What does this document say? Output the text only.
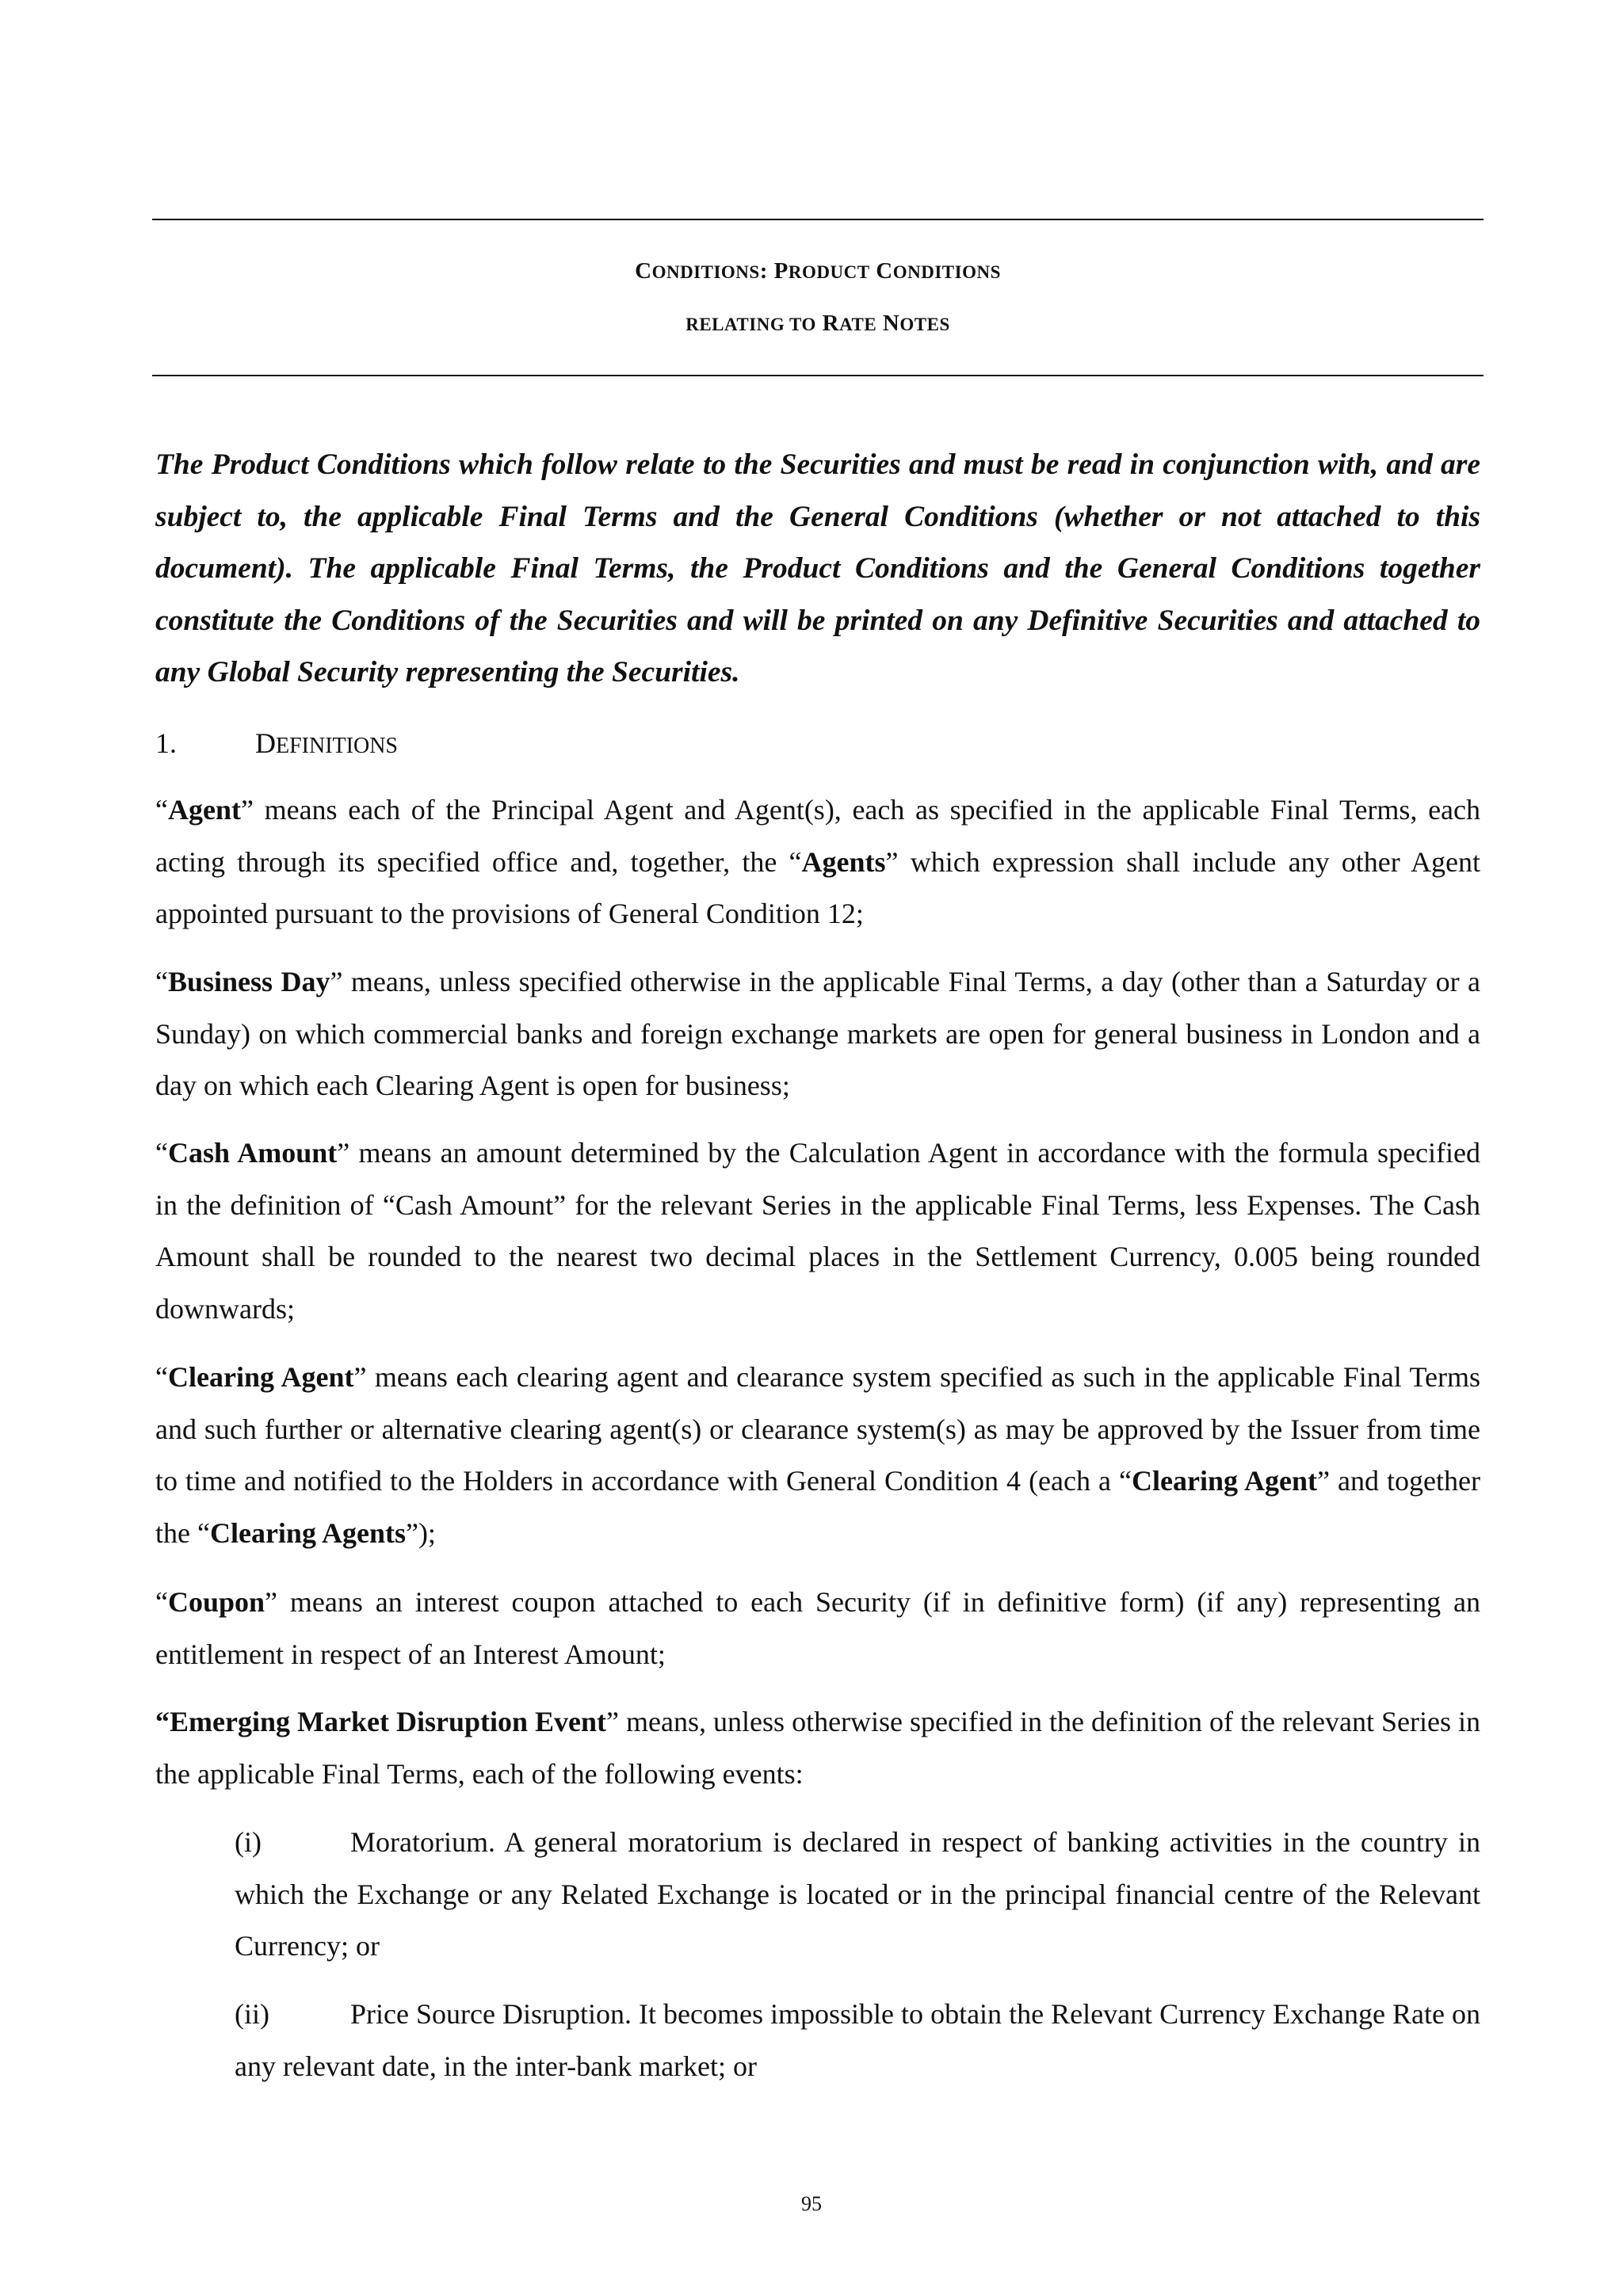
CONDITIONS: PRODUCT CONDITIONS
RELATING TO RATE NOTES
The Product Conditions which follow relate to the Securities and must be read in conjunction with, and are subject to, the applicable Final Terms and the General Conditions (whether or not attached to this document). The applicable Final Terms, the Product Conditions and the General Conditions together constitute the Conditions of the Securities and will be printed on any Definitive Securities and attached to any Global Security representing the Securities.
1.	DEFINITIONS
“Agent” means each of the Principal Agent and Agent(s), each as specified in the applicable Final Terms, each acting through its specified office and, together, the “Agents” which expression shall include any other Agent appointed pursuant to the provisions of General Condition 12;
“Business Day” means, unless specified otherwise in the applicable Final Terms, a day (other than a Saturday or a Sunday) on which commercial banks and foreign exchange markets are open for general business in London and a day on which each Clearing Agent is open for business;
“Cash Amount” means an amount determined by the Calculation Agent in accordance with the formula specified in the definition of “Cash Amount” for the relevant Series in the applicable Final Terms, less Expenses. The Cash Amount shall be rounded to the nearest two decimal places in the Settlement Currency, 0.005 being rounded downwards;
“Clearing Agent” means each clearing agent and clearance system specified as such in the applicable Final Terms and such further or alternative clearing agent(s) or clearance system(s) as may be approved by the Issuer from time to time and notified to the Holders in accordance with General Condition 4 (each a “Clearing Agent” and together the “Clearing Agents”);
“Coupon” means an interest coupon attached to each Security (if in definitive form) (if any) representing an entitlement in respect of an Interest Amount;
“Emerging Market Disruption Event” means, unless otherwise specified in the definition of the relevant Series in the applicable Final Terms, each of the following events:
(i)	Moratorium. A general moratorium is declared in respect of banking activities in the country in which the Exchange or any Related Exchange is located or in the principal financial centre of the Relevant Currency; or
(ii)	Price Source Disruption. It becomes impossible to obtain the Relevant Currency Exchange Rate on any relevant date, in the inter-bank market; or
95
